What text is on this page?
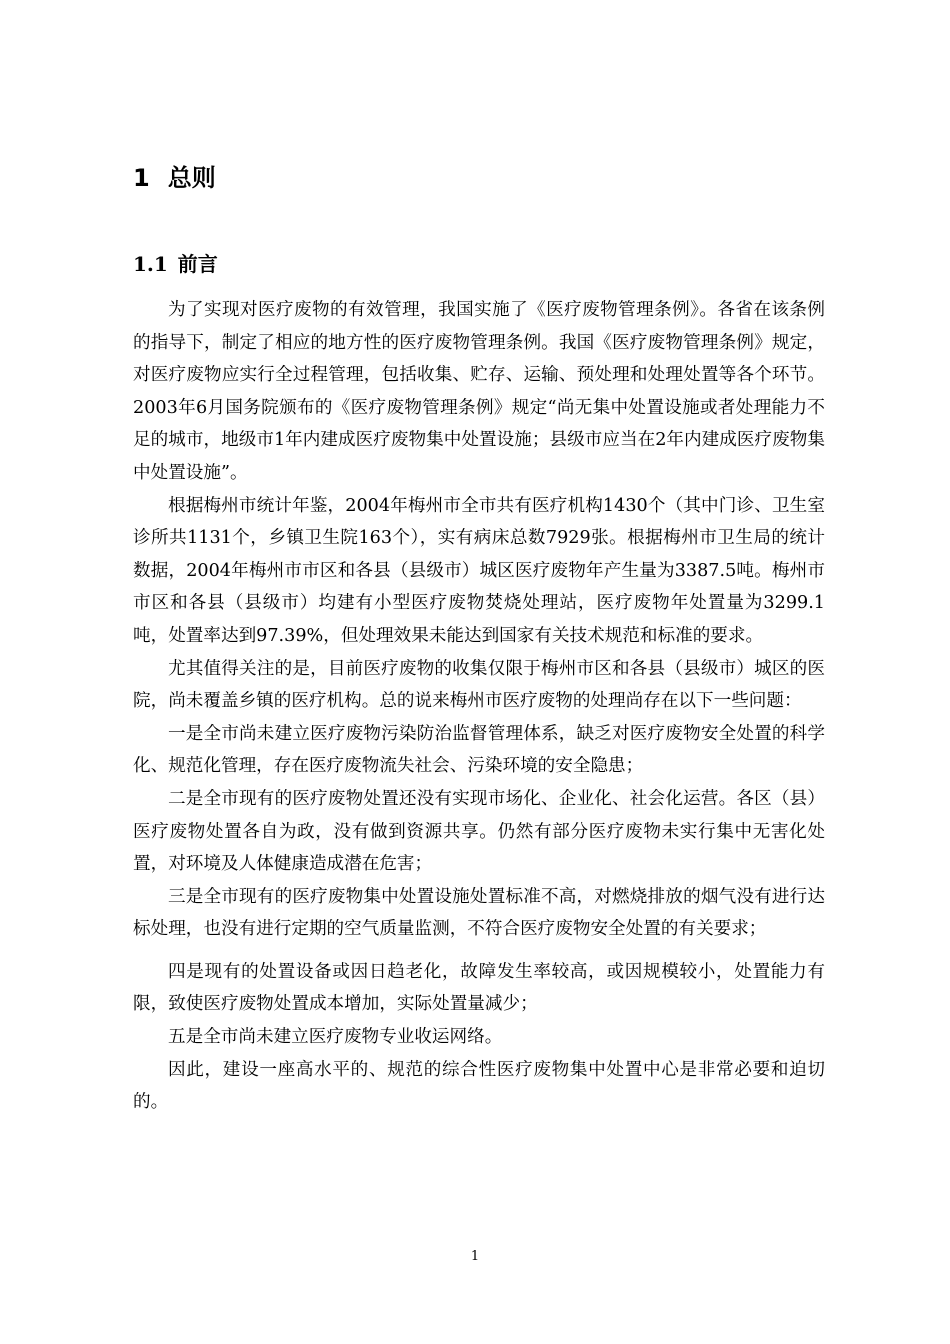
1 总则
1.1 前言

为了实现对医疗废物的有效管理，我国实施了《医疗废物管理条例》。各省在该条例的指导下，制定了相应的地方性的医疗废物管理条例。我国《医疗废物管理条例》规定，对医疗废物应实行全过程管理，包括收集、贮存、运输、预处理和处理处置等各个环节。2003年6月国务院颁布的《医疗废物管理条例》规定“尚无集中处置设施或者处理能力不足的城市，地级市1年内建成医疗废物集中处置设施；县级市应当在2年内建成医疗废物集中处置设施”。

根据梅州市统计年鉴，2004年梅州市全市共有医疗机构1430个（其中门诊、卫生室诊所共1131个，乡镇卫生院163个），实有病床总数7929张。根据梅州市卫生局的统计数据，2004年梅州市市区和各县（县级市）城区医疗废物年产生量为3387.5吨。梅州市市区和各县（县级市）均建有小型医疗废物焚烧处理站，医疗废物年处置量为3299.1吨，处置率达到97.39%，但处理效果未能达到国家有关技术规范和标准的要求。

尤其值得关注的是，目前医疗废物的收集仅限于梅州市区和各县（县级市）城区的医院，尚未覆盖乡镇的医疗机构。总的说来梅州市医疗废物的处理尚存在以下一些问题：

一是全市尚未建立医疗废物污染防治监督管理体系，缺乏对医疗废物安全处置的科学化、规范化管理，存在医疗废物流失社会、污染环境的安全隐患；

二是全市现有的医疗废物处置还没有实现市场化、企业化、社会化运营。各区（县）医疗废物处置各自为政，没有做到资源共享。仍然有部分医疗废物未实行集中无害化处置，对环境及人体健康造成潜在危害；

三是全市现有的医疗废物集中处置设施处置标准不高，对燃烧排放的烟气没有进行达标处理，也没有进行定期的空气质量监测，不符合医疗废物安全处置的有关要求；

四是现有的处置设备或因日趋老化，故障发生率较高，或因规模较小，处置能力有限，致使医疗废物处置成本增加，实际处置量减少；

五是全市尚未建立医疗废物专业收运网络。

因此，建设一座高水平的、规范的综合性医疗废物集中处置中心是非常必要和迫切的。

1
